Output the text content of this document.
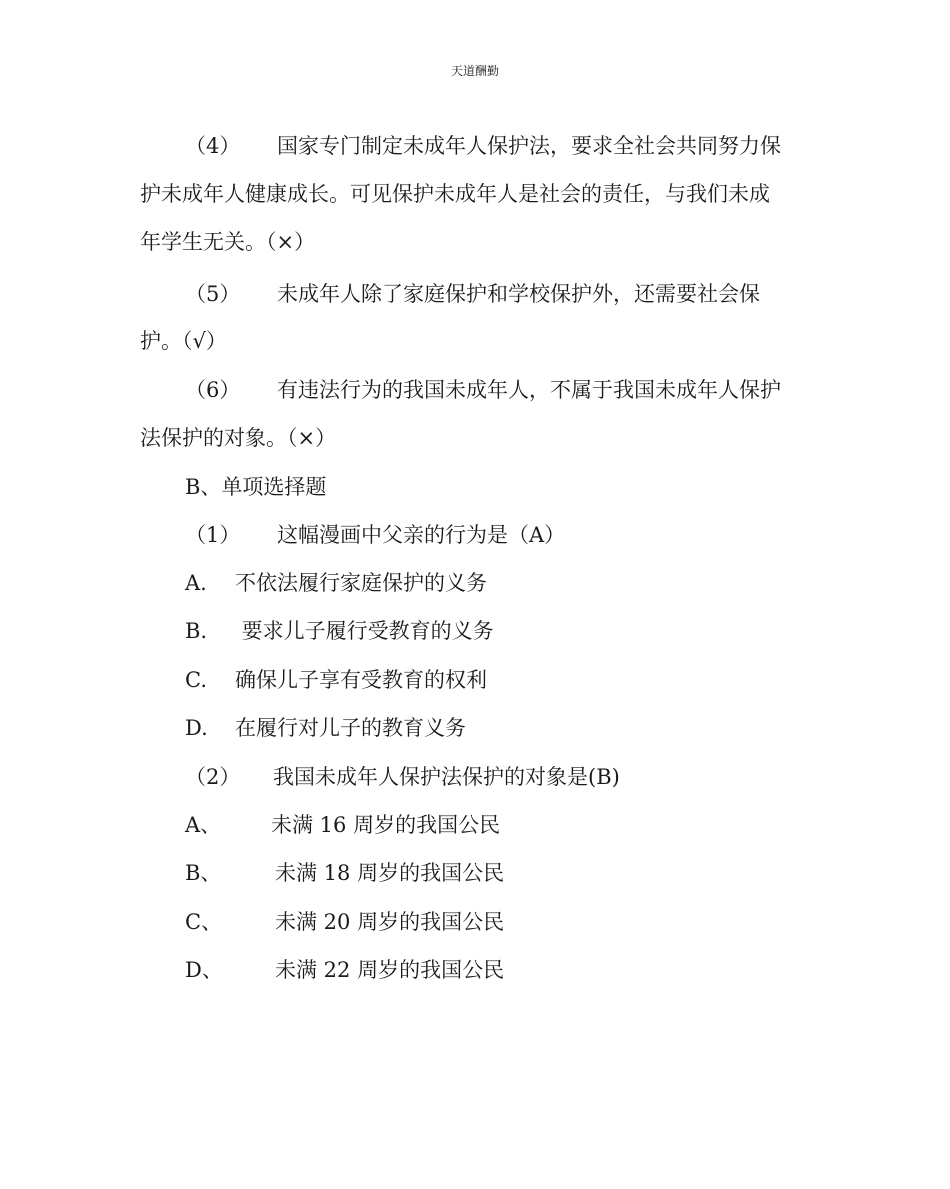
天道酬勤
（4） 国家专门制定未成年人保护法，要求全社会共同努力保
护未成年人健康成长。可见保护未成年人是社会的责任，与我们未成
年学生无关。（×）
（5） 未成年人除了家庭保护和学校保护外，还需要社会保
护。（√）
（6） 有违法行为的我国未成年人，不属于我国未成年人保护
法保护的对象。（×）
B、单项选择题
（1） 这幅漫画中父亲的行为是（A）
A. 不依法履行家庭保护的义务
B. 要求儿子履行受教育的义务
C. 确保儿子享有受教育的权利
D. 在履行对儿子的教育义务
（2） 我国未成年人保护法保护的对象是(B)
A、 未满 16 周岁的我国公民
B、	未满 18 周岁的我国公民
C、	未满 20 周岁的我国公民
D、 未满 22 周岁的我国公民
